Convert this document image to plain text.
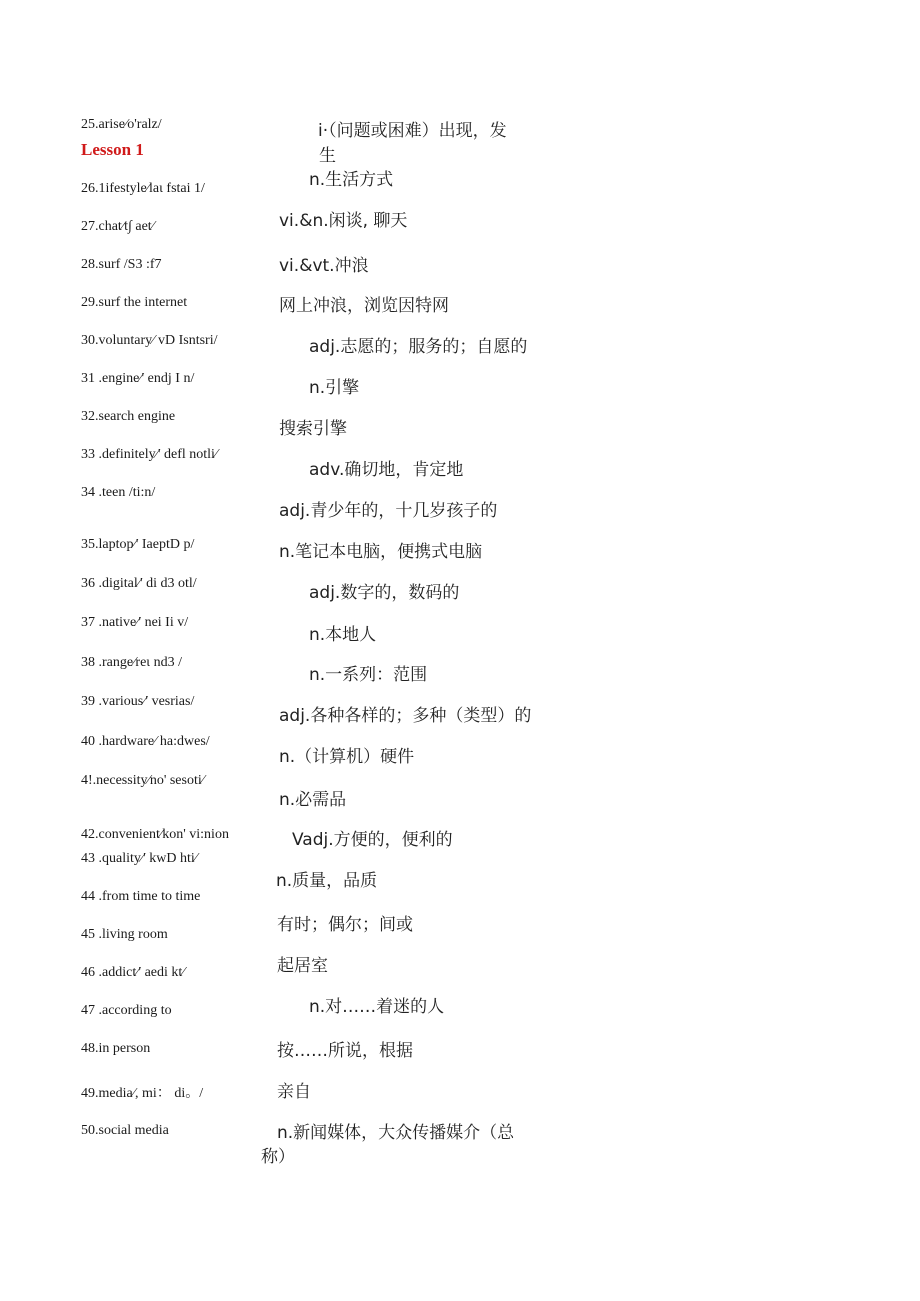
Lesson 1
25.arise⁄o'ralz/
26.1ifestyle⁄laι fstai 1/
27.chat⁄t∫ aet⁄
28.surf /S3 :f7
29.surf the internet
30.voluntary⁄ vD Isntsri/
31 .engine⁄' endj I n/
32.search engine
33 .definitely⁄' defl notli⁄
34 .teen /ti:n/
35.laptop⁄' IaeptD p/
36 .digital⁄' di d3 otl/
37 .native⁄' nei Ii v/
38 .range⁄reι nd3 /
39 .various⁄' vesrias/
40 .hardware⁄ ha:dwes/
4!.necessity⁄no' sesoti⁄
42.convenient⁄kon' vi:nion
43 .quality⁄' kwD hti⁄
44 .from time to time
45 .living room
46 .addict⁄' aedi kt⁄
47 .according to
48.in person
49.media⁄, mi： di。/
50.social media
i·（问题或困难）出现，发
生
n.生活方式
vi.&n.闲谈, 聊天
vi.&vt.冲浪
网上冲浪，浏览因特网
adj.志愿的；服务的；自愿的
n.引擎
搜索引擎
adv.确切地，肯定地
adj.青少年的，十几岁孩子的
n.笔记本电脑，便携式电脑
adj.数字的，数码的
n.本地人
n.一系列：范围
adj.各种各样的；多种（类型）的
n.（计算机）硬件
n.必需品
Vadj.方便的，便利的
n.质量，品质
有时；偶尔；间或
起居室
n.对……着迷的人
按……所说，根据
亲自
n.新闻媒体，大众传播媒介（总
称）
